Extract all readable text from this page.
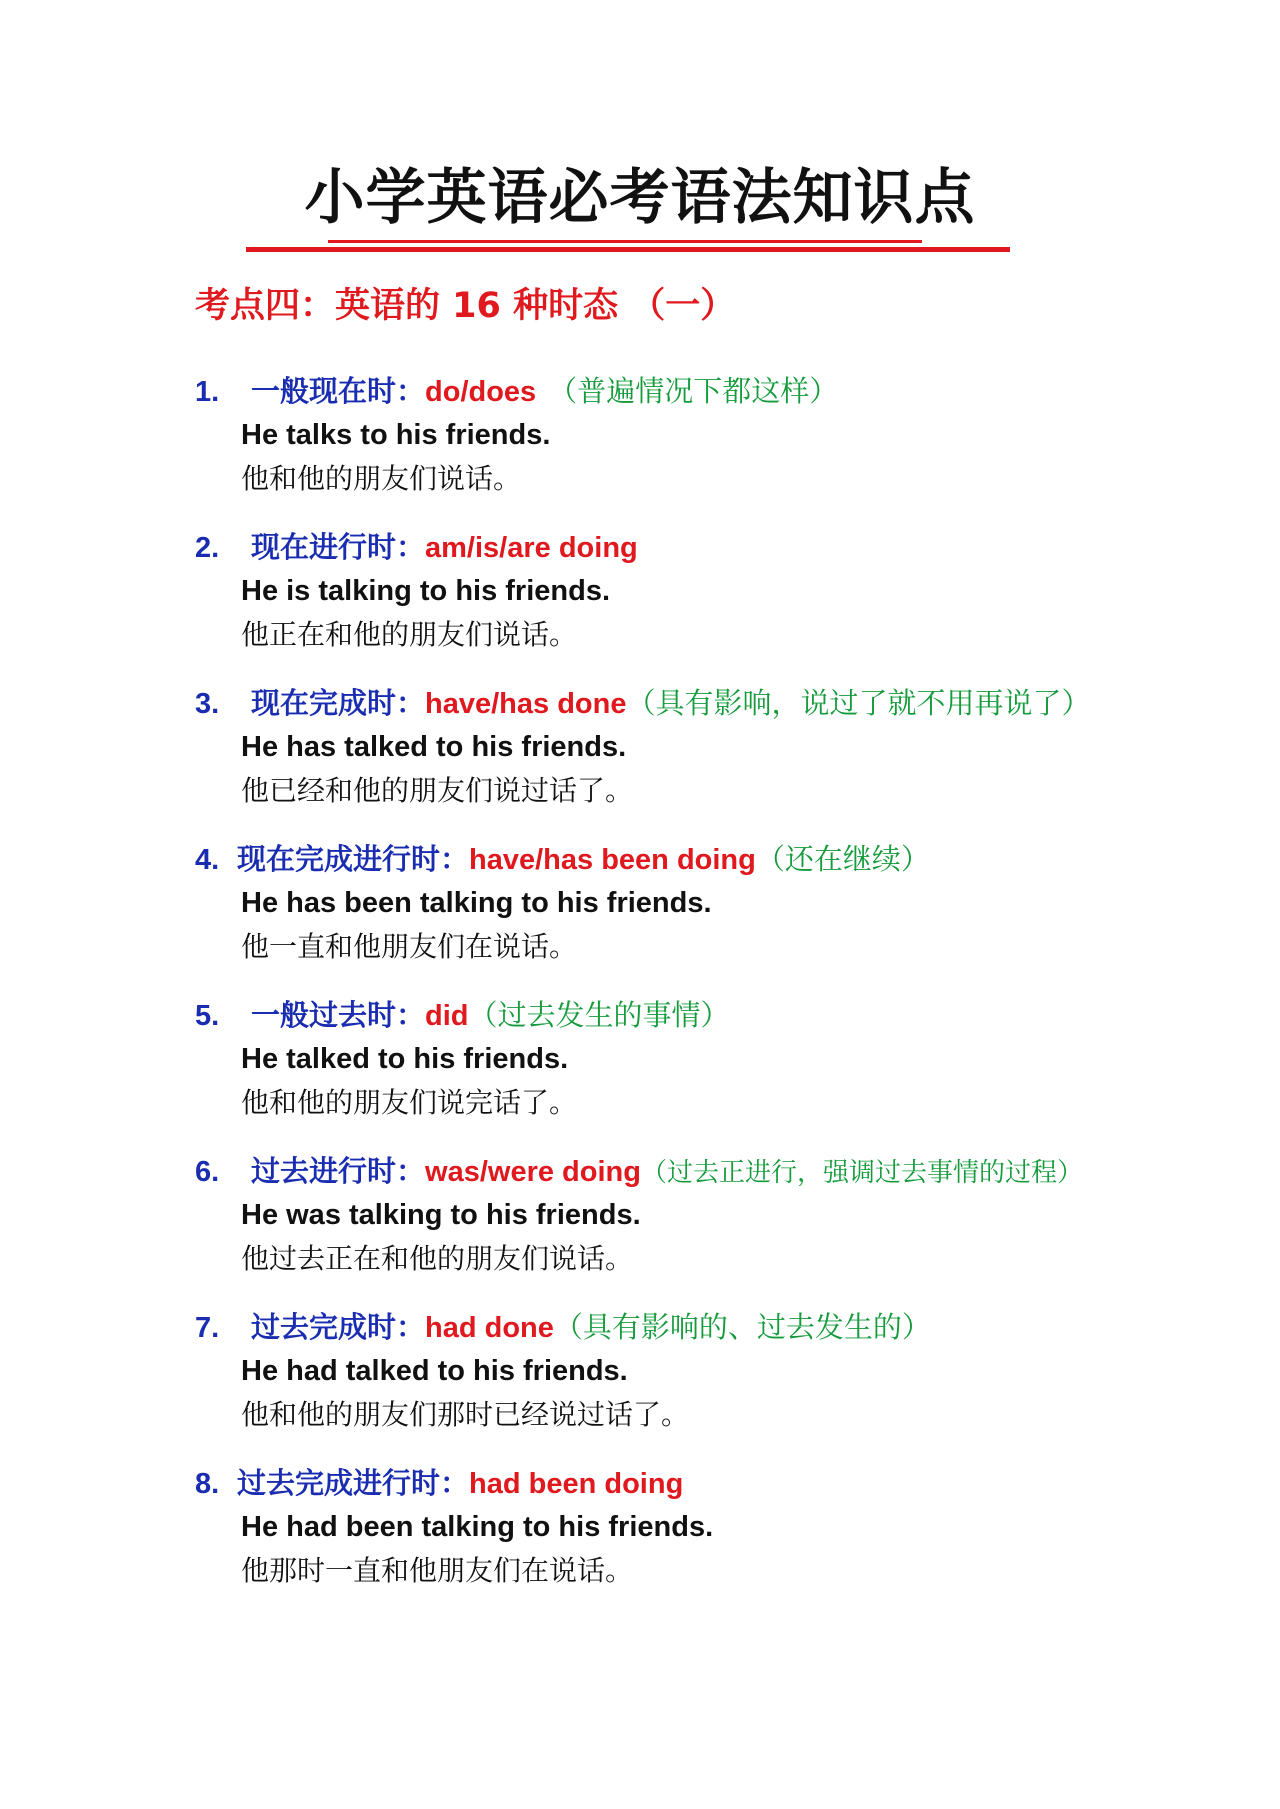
小学英语必考语法知识点
考点四：英语的 16 种时态 （一）
1. 一般现在时：do/does （普遍情况下都这样）
He talks to his friends.
他和他的朋友们说话。
2. 现在进行时：am/is/are doing
He is talking to his friends.
他正在和他的朋友们说话。
3. 现在完成时：have/has done（具有影响，说过了就不用再说了）
He has talked to his friends.
他已经和他的朋友们说过话了。
4. 现在完成进行时：have/has been doing（还在继续）
He has been talking to his friends.
他一直和他朋友们在说话。
5. 一般过去时：did（过去发生的事情）
He talked to his friends.
他和他的朋友们说完话了。
6. 过去进行时：was/were doing（过去正进行，强调过去事情的过程）
He was talking to his friends.
他过去正在和他的朋友们说话。
7. 过去完成时：had done（具有影响的、过去发生的）
He had talked to his friends.
他和他的朋友们那时已经说过话了。
8. 过去完成进行时：had been doing
He had been talking to his friends.
他那时一直和他朋友们在说话。
